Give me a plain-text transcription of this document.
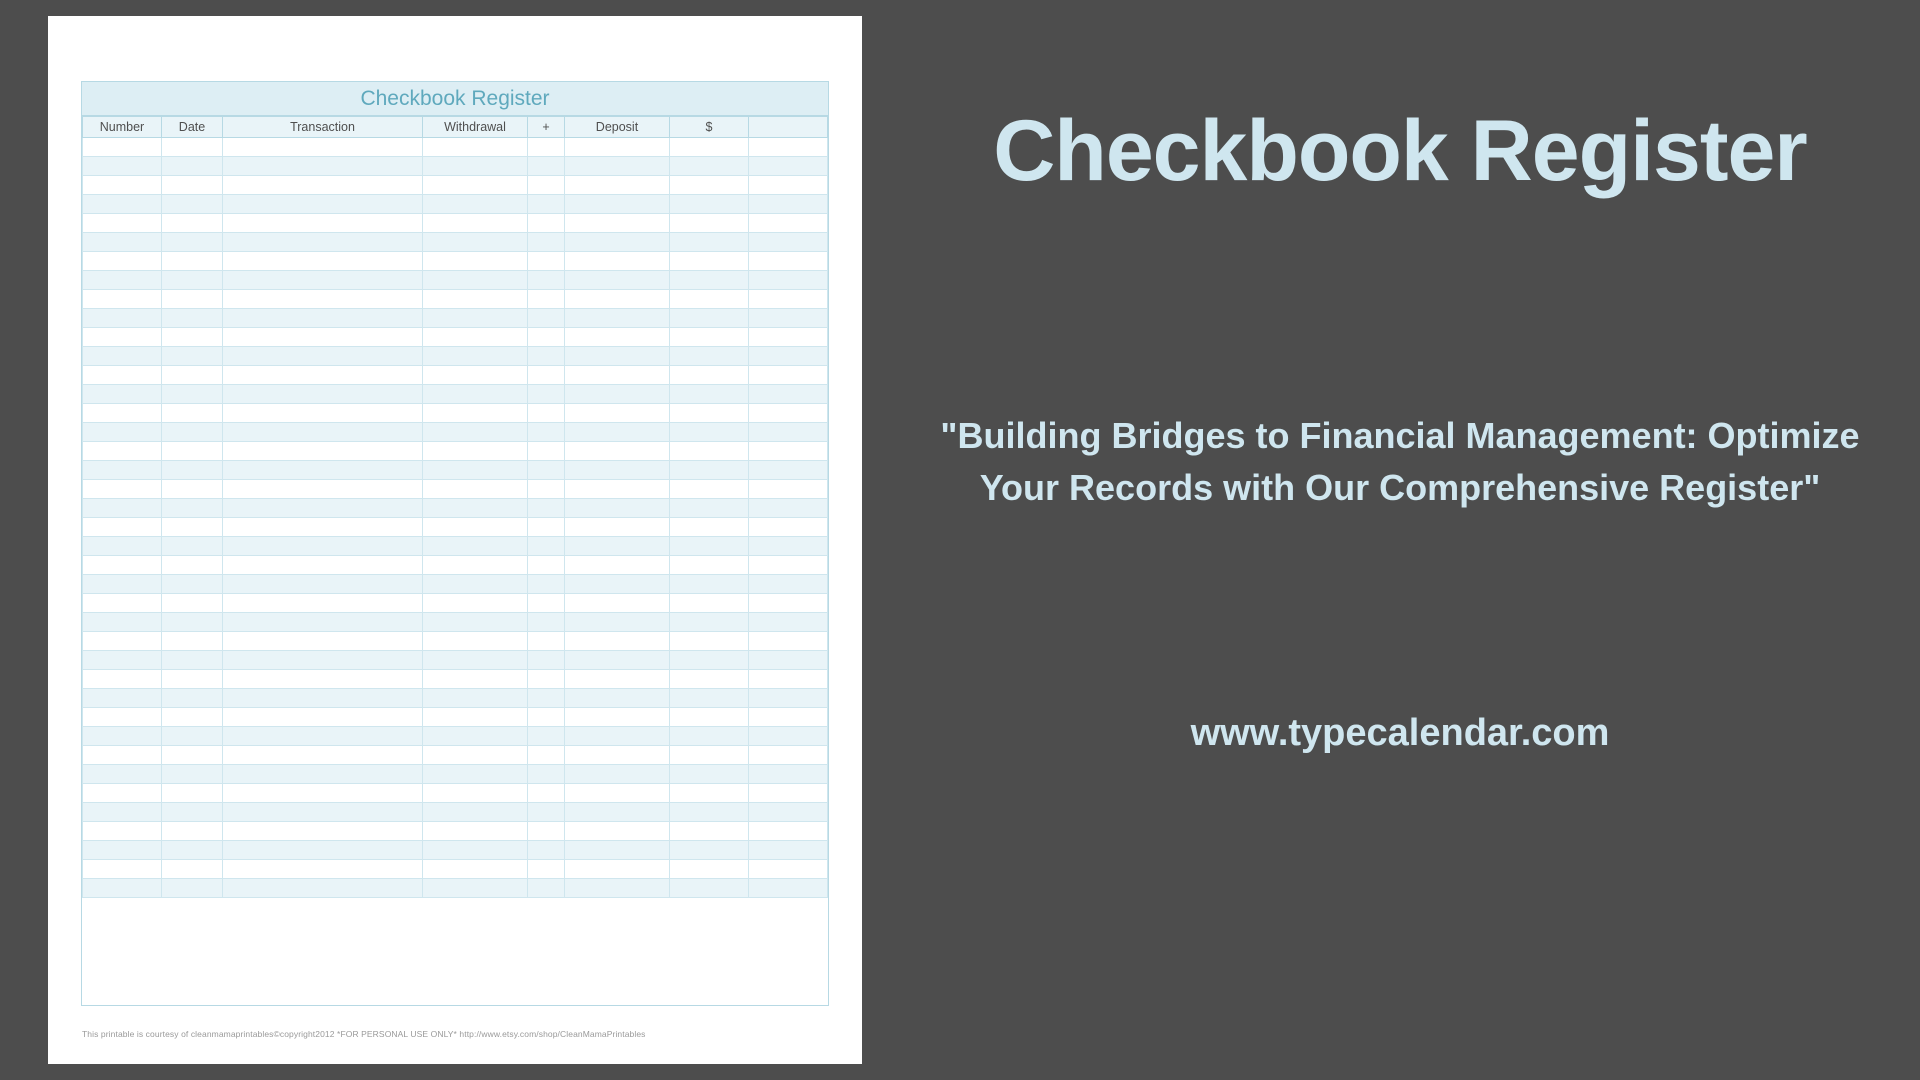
Checkbook Register
Number	Date	Transaction	Withdrawal	+	Deposit	$	

This printable is courtesy of cleanmamaprintables©copyright2012 *FOR PERSONAL USE ONLY* http://www.etsy.com/shop/CleanMamaPrintables
Checkbook Register
"Building Bridges to Financial Management: Optimize Your Records with Our Comprehensive Register"
www.typecalendar.com
